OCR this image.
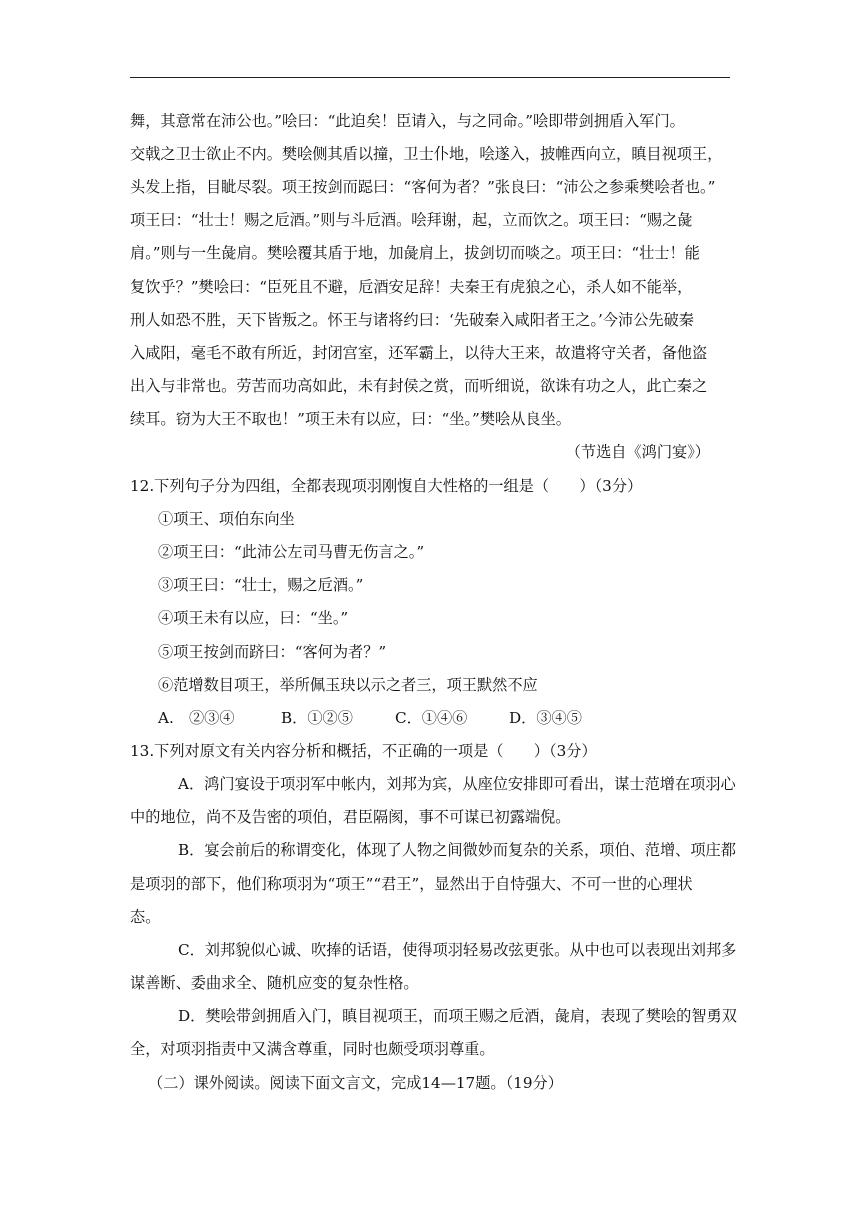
舞，其意常在沛公也。”哙曰：“此迫矣！臣请入，与之同命。”哙即带剑拥盾入军门。
交戟之卫士欲止不内。樊哙侧其盾以撞，卫士仆地，哙遂入，披帷西向立，瞋目视项王，
头发上指，目眦尽裂。项王按剑而跽曰：“客何为者？”张良曰：“沛公之参乘樊哙者也。”
项王曰：“壮士！赐之卮酒。”则与斗卮酒。哙拜谢，起，立而饮之。项王曰：“赐之彘
肩。”则与一生彘肩。樊哙覆其盾于地，加彘肩上，拔剑切而啖之。项王曰：“壮士！能
复饮乎？”樊哙曰：“臣死且不避，卮酒安足辞！夫秦王有虎狼之心，杀人如不能举，
刑人如恐不胜，天下皆叛之。怀王与诸将约曰：‘先破秦入咸阳者王之。’今沛公先破秦
入咸阳，毫毛不敢有所近，封闭宫室，还军霸上，以待大王来，故遣将守关者，备他盗
出入与非常也。劳苦而功高如此，未有封侯之赏，而听细说，欲诛有功之人，此亡秦之
续耳。窃为大王不取也！”项王未有以应，曰：“坐。”樊哙从良坐。
（节选自《鸿门宴》）
12.下列句子分为四组，全都表现项羽刚愎自大性格的一组是（　　）（3分）
①项王、项伯东向坐
②项王曰：“此沛公左司马曹无伤言之。”
③项王曰：“壮士，赐之卮酒。”
④项王未有以应，曰：“坐。”
⑤项王按剑而跻曰：“客何为者？”
⑥范增数目项王，举所佩玉玦以示之者三，项王默然不应
A.　②③④	B．①②⑤	C．①④⑥	D．③④⑤
13.下列对原文有关内容分析和概括，不正确的一项是（　　）（3分）
A．鸿门宴设于项羽军中帐内，刘邦为宾，从座位安排即可看出，谋士范增在项羽心
中的地位，尚不及告密的项伯，君臣隔阂，事不可谋已初露端倪。
B．宴会前后的称谓变化，体现了人物之间微妙而复杂的关系，项伯、范增、项庄都
是项羽的部下，他们称项羽为“项王”“君王”，显然出于自恃强大、不可一世的心理状
态。
C．刘邦貌似心诚、吹捧的话语，使得项羽轻易改弦更张。从中也可以表现出刘邦多
谋善断、委曲求全、随机应变的复杂性格。
D．樊哙带剑拥盾入门，瞋目视项王，而项王赐之卮酒，彘肩，表现了樊哙的智勇双
全，对项羽指责中又满含尊重，同时也颇受项羽尊重。
（二）课外阅读。阅读下面文言文，完成14—17题。（19分）
